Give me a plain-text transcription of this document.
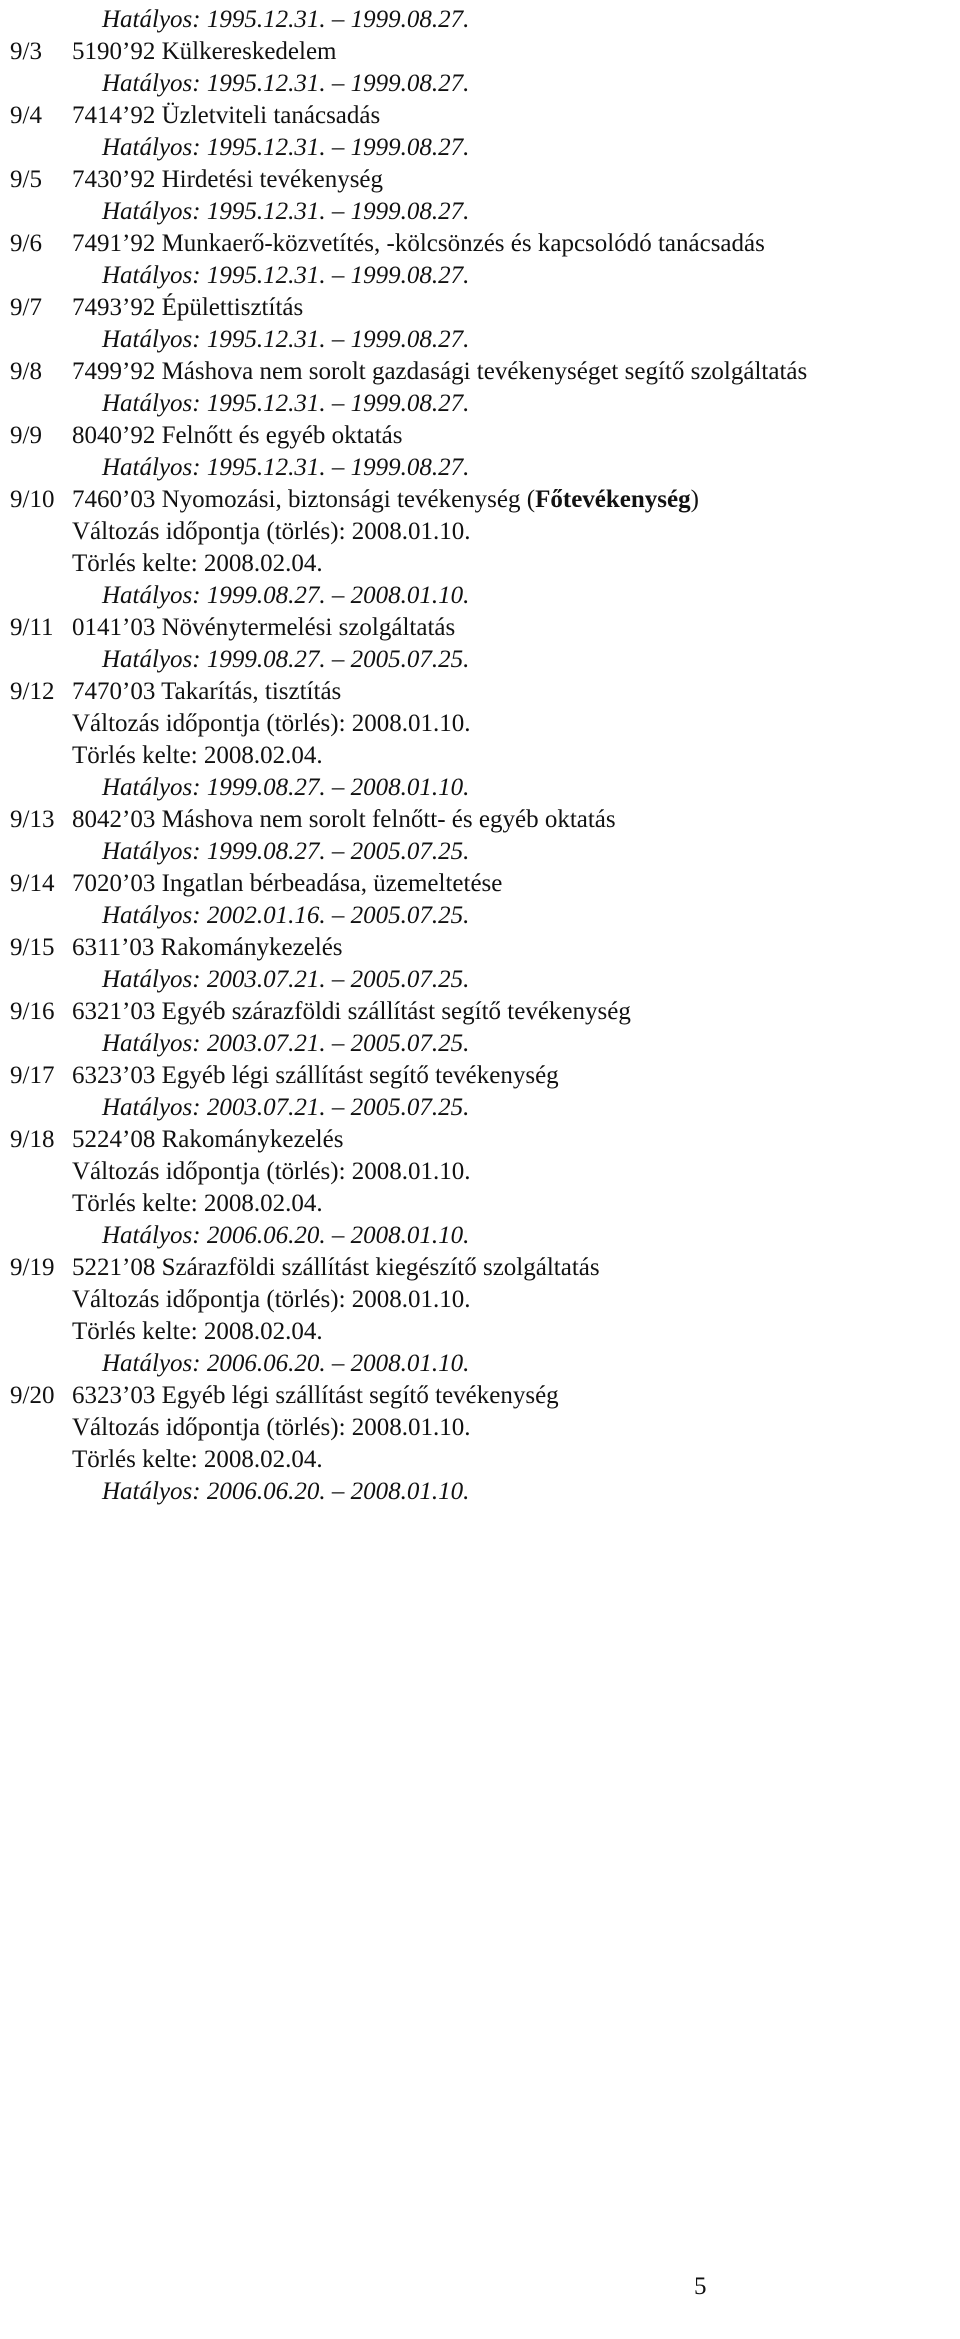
Hatályos: 1995.12.31. – 1999.08.27.
9/3 5190’92 Külkereskedelem
Hatályos: 1995.12.31. – 1999.08.27.
9/4 7414’92 Üzletviteli tanácsadás
Hatályos: 1995.12.31. – 1999.08.27.
9/5 7430’92 Hirdetési tevékenység
Hatályos: 1995.12.31. – 1999.08.27.
9/6 7491’92 Munkaerő-közvetítés, -kölcsönzés és kapcsolódó tanácsadás
Hatályos: 1995.12.31. – 1999.08.27.
9/7 7493’92 Épülettisztítás
Hatályos: 1995.12.31. – 1999.08.27.
9/8 7499’92 Máshova nem sorolt gazdasági tevékenységet segítő szolgáltatás
Hatályos: 1995.12.31. – 1999.08.27.
9/9 8040’92 Felnőtt és egyéb oktatás
Hatályos: 1995.12.31. – 1999.08.27.
9/10 7460’03 Nyomozási, biztonsági tevékenység (Főtevékenység)
Változás időpontja (törlés): 2008.01.10.
Törlés kelte: 2008.02.04.
Hatályos: 1999.08.27. – 2008.01.10.
9/11 0141’03 Növénytermelési szolgáltatás
Hatályos: 1999.08.27. – 2005.07.25.
9/12 7470’03 Takarítás, tisztítás
Változás időpontja (törlés): 2008.01.10.
Törlés kelte: 2008.02.04.
Hatályos: 1999.08.27. – 2008.01.10.
9/13 8042’03 Máshova nem sorolt felnőtt- és egyéb oktatás
Hatályos: 1999.08.27. – 2005.07.25.
9/14 7020’03 Ingatlan bérbeadása, üzemeltetése
Hatályos: 2002.01.16. – 2005.07.25.
9/15 6311’03 Rakománykezelés
Hatályos: 2003.07.21. – 2005.07.25.
9/16 6321’03 Egyéb szárazföldi szállítást segítő tevékenység
Hatályos: 2003.07.21. – 2005.07.25.
9/17 6323’03 Egyéb légi szállítást segítő tevékenység
Hatályos: 2003.07.21. – 2005.07.25.
9/18 5224’08 Rakománykezelés
Változás időpontja (törlés): 2008.01.10.
Törlés kelte: 2008.02.04.
Hatályos: 2006.06.20. – 2008.01.10.
9/19 5221’08 Szárazföldi szállítást kiegészítő szolgáltatás
Változás időpontja (törlés): 2008.01.10.
Törlés kelte: 2008.02.04.
Hatályos: 2006.06.20. – 2008.01.10.
9/20 6323’03 Egyéb légi szállítást segítő tevékenység
Változás időpontja (törlés): 2008.01.10.
Törlés kelte: 2008.02.04.
Hatályos: 2006.06.20. – 2008.01.10.
5
